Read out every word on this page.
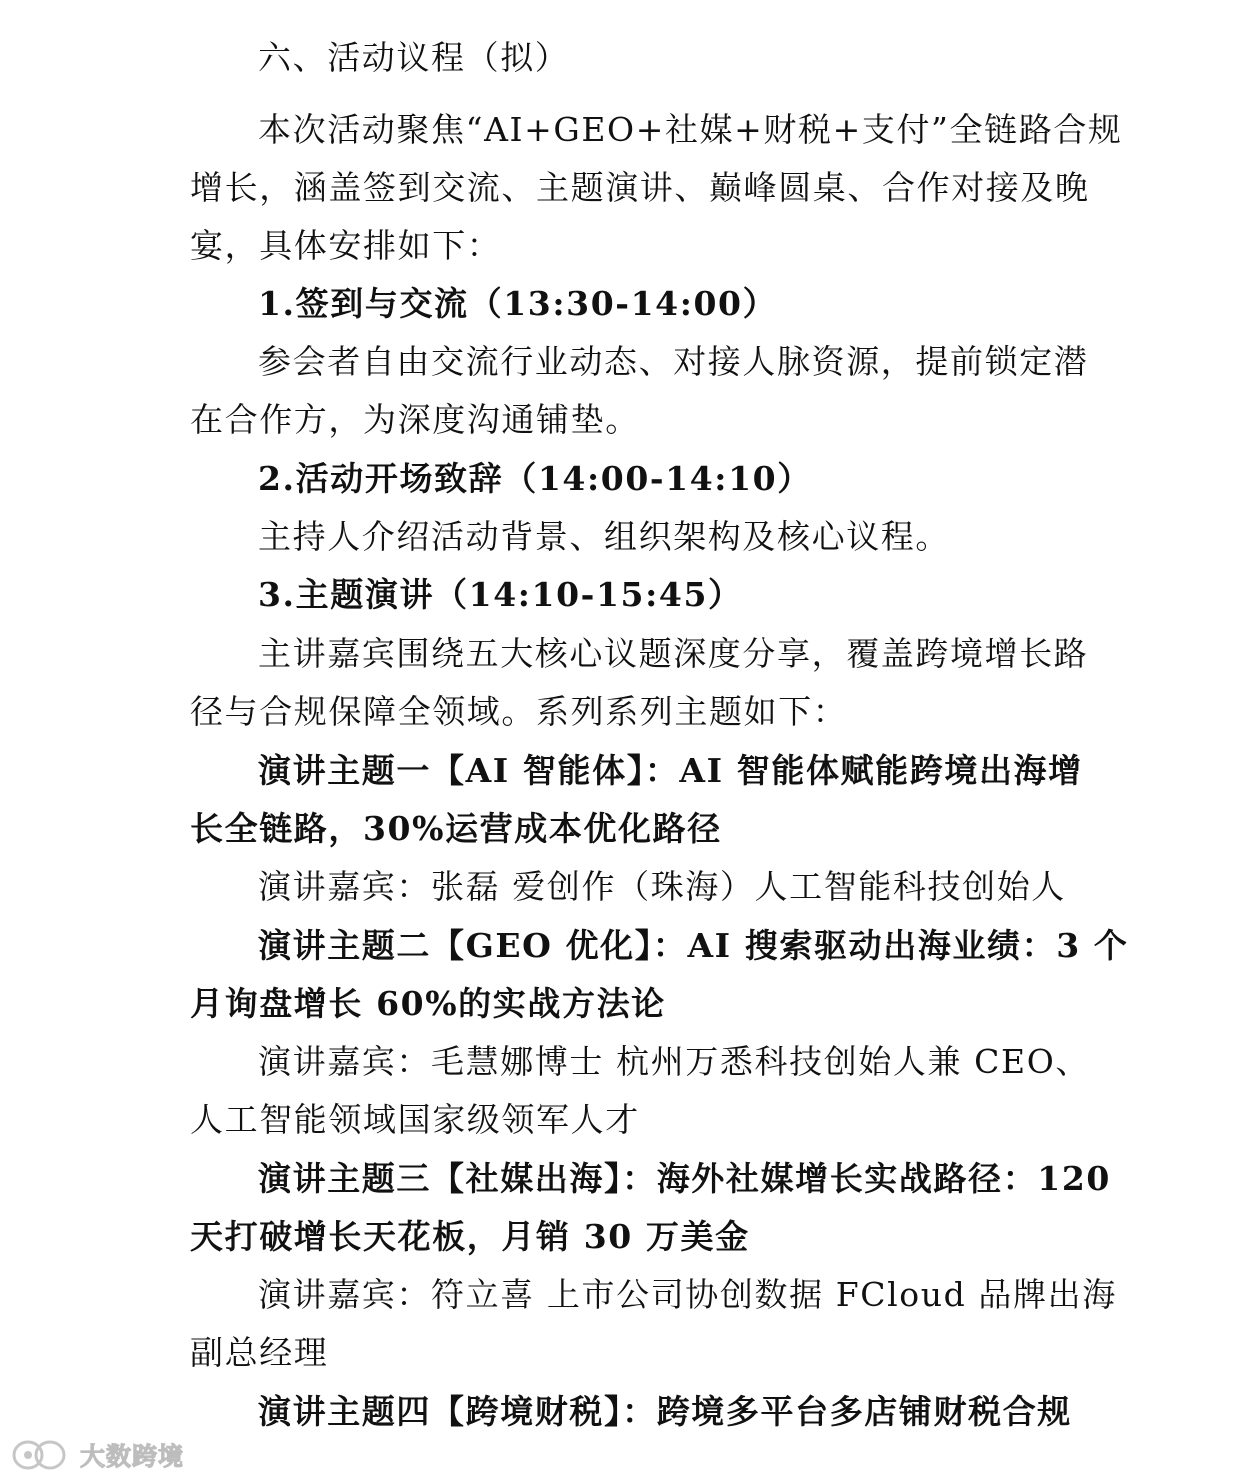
六、活动议程（拟）
本次活动聚焦“AI+GEO+社媒+财税+支付”全链路合规
增长，涵盖签到交流、主题演讲、巅峰圆桌、合作对接及晚
宴，具体安排如下：
1.签到与交流（13:30-14:00）
参会者自由交流行业动态、对接人脉资源，提前锁定潜
在合作方，为深度沟通铺垫。
2.活动开场致辞（14:00-14:10）
主持人介绍活动背景、组织架构及核心议程。
3.主题演讲（14:10-15:45）
主讲嘉宾围绕五大核心议题深度分享，覆盖跨境增长路
径与合规保障全领域。系列系列主题如下：
演讲主题一【AI 智能体】：AI 智能体赋能跨境出海增
长全链路，30%运营成本优化路径
演讲嘉宾：张磊 爱创作（珠海）人工智能科技创始人
演讲主题二【GEO 优化】：AI 搜索驱动出海业绩：3 个
月询盘增长 60%的实战方法论
演讲嘉宾：毛慧娜博士 杭州万悉科技创始人兼 CEO、
人工智能领域国家级领军人才
演讲主题三【社媒出海】：海外社媒增长实战路径：120
天打破增长天花板，月销 30 万美金
演讲嘉宾：符立喜 上市公司协创数据 FCloud 品牌出海
副总经理
演讲主题四【跨境财税】：跨境多平台多店铺财税合规
大数跨境
